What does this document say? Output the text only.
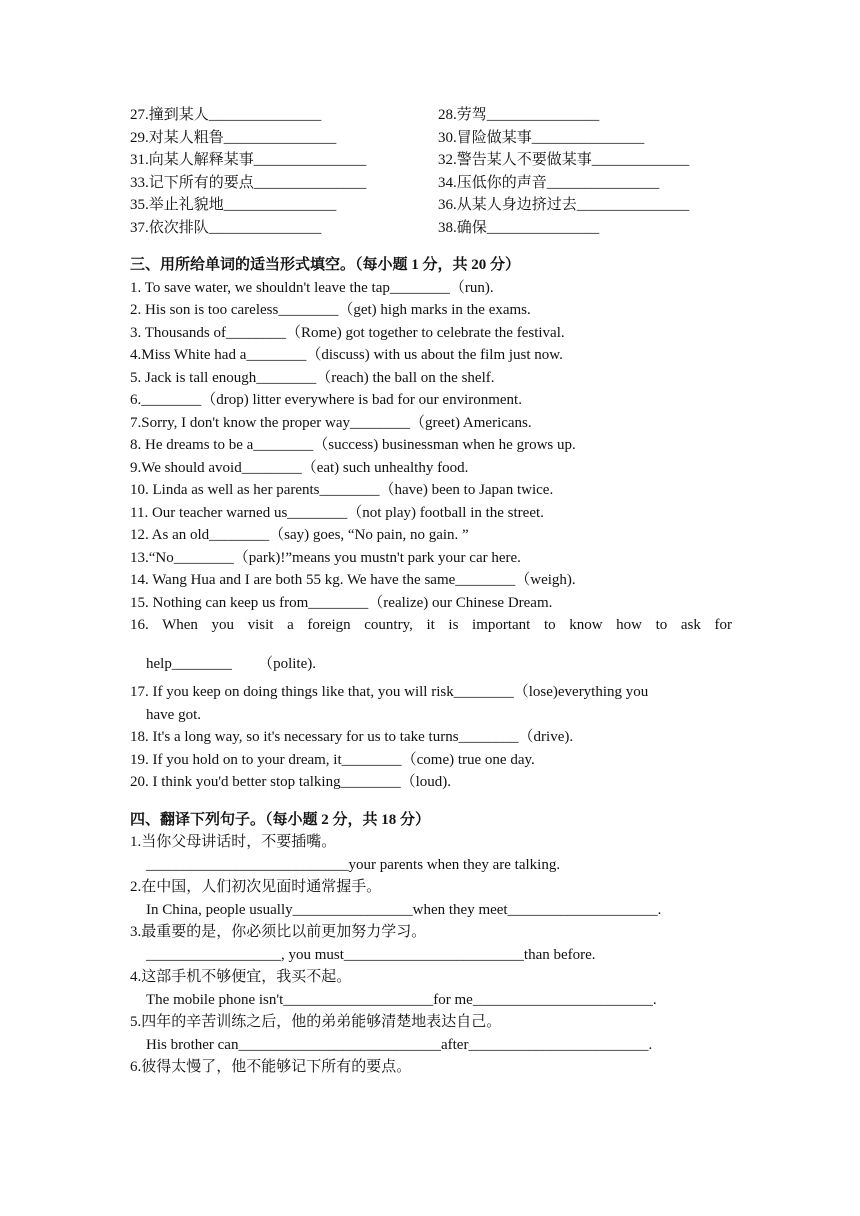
27.撞到某人_______________	28.劳驾_______________
29.对某人粗鲁_______________	30.冒险做某事_______________
31.向某人解释某事_______________	32.警告某人不要做某事_____________
33.记下所有的要点_______________	34.压低你的声音_______________
35.举止礼貌地_______________	36.从某人身边挤过去_______________
37.依次排队_______________	38.确保_______________
三、用所给单词的适当形式填空。（每小题 1 分，共 20 分）
1. To save water, we shouldn't leave the tap________（run).
2. His son is too careless________（get) high marks in the exams.
3. Thousands of________（Rome) got together to celebrate the festival.
4.Miss White had a________（discuss) with us about the film just now.
5. Jack is tall enough________（reach) the ball on the shelf.
6.________（drop) litter everywhere is bad for our environment.
7.Sorry, I don't know the proper way________（greet) Americans.
8. He dreams to be a________（success) businessman when he grows up.
9.We should avoid________（eat) such unhealthy food.
10. Linda as well as her parents________（have) been to Japan twice.
11. Our teacher warned us________（not play) football in the street.
12. As an old________（say) goes, “No pain, no gain. ”
13.“No________（park)!”means you mustn't park your car here.
14. Wang Hua and I are both 55 kg. We have the same________（weigh).
15. Nothing can keep us from________（realize) our Chinese Dream.
16. When you visit a foreign country, it is important to know how to ask for
help________       （polite).
17. If you keep on doing things like that, you will risk________（lose)everything you
have got.
18. It's a long way, so it's necessary for us to take turns________（drive).
19. If you hold on to your dream, it________（come) true one day.
20. I think you'd better stop talking________（loud).
四、翻译下列句子。（每小题 2 分，共 18 分）
1.当你父母讲话时，不要插嘴。
___________________________your parents when they are talking.
2.在中国，人们初次见面时通常握手。
In China, people usually________________when they meet____________________.
3.最重要的是，你必须比以前更加努力学习。
__________________, you must________________________than before.
4.这部手机不够便宜，我买不起。
The mobile phone isn't____________________for me________________________.
5.四年的辛苦训练之后，他的弟弟能够清楚地表达自己。
His brother can___________________________after________________________.
6.彼得太慢了，他不能够记下所有的要点。
